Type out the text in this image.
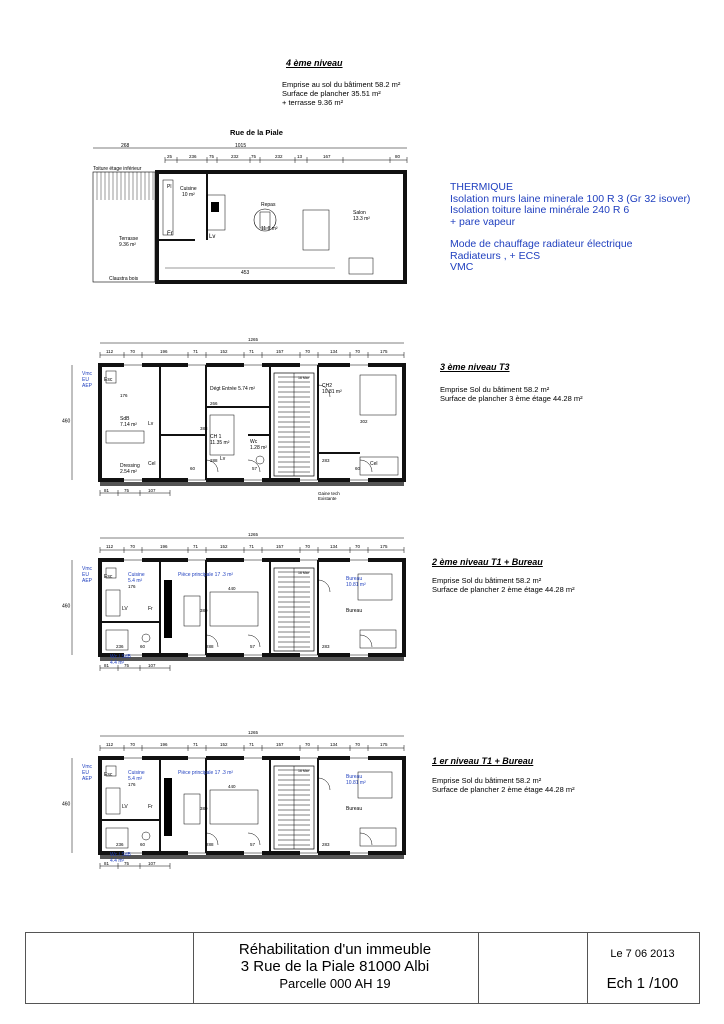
4 ème niveau
Emprise au sol du bâtiment 58.2 m²
Surface de plancher 35.51 m²
+ terrasse 9.36 m²
Rue de la Piale
1015
268
25	236	75	232	75	232	13	167	80
Toiture étage inférieur
Terrasse
9.36 m²
Claustra bois
Cuisine
10 m²
Repas
11.9 m²
Salon
13.3 m²
Pl
Fr	Lv
453
THERMIQUE
Isolation murs laine minerale 100 R 3 (Gr 32 isover)
Isolation toiture laine minérale 240 R 6
+ pare vapeur
Mode de chauffage radiateur électrique
Radiateurs , + ECS
VMC
1265
112	70	196	71	152	71	157	70	134	70	175
460
Vmc
EU
AEP
81	75	107
16 Mar
SdB
7.14 m²
Dressing
2.54 m²
Dégt Entrée 5.74 m²
CH 1
11.35 m²	Wc
1.28 m²
CH2
10.81 m²
Esc
Lv
Cel
Lv
Cel
176
266
383
288
60	57
283
60
302
Gaine tech
Existante
3 ème niveau T3
Emprise Sol du bâtiment 58.2 m²
Surface de plancher 3 ème étage 44.28 m²
1265
112	70	196	71	152	71	157	70	134	70	175
460
Vmc
EU
AEP
81	75	107
16 Mar
Cuisine
5.4 m²
Pièce principale 17 .3 m²
Bureau
10.81 m²
Wc / SdB
4.4 m²
Esc
LV	Fr	Bureau
176
236	60
389
440
288	57	283
2 ème niveau T1 + Bureau
Emprise Sol du bâtiment 58.2 m²
Surface de plancher 2 ème étage 44.28 m²
1265
112	70	196	71	152	71	157	70	134	70	175
460
Vmc
EU
AEP
81	75	107
16 Mar
Cuisine
5.4 m²
Pièce principale 17 .3 m²
Bureau
10.81 m²
Wc / SdB
4.4 m²
Esc
LV	Fr	Bureau
176
236	60
389
440
288	57	283
1 er niveau T1 + Bureau
Emprise Sol du bâtiment 58.2 m²
Surface de plancher 2 ème étage 44.28 m²
Réhabilitation d'un immeuble
3 Rue de la Piale 81000 Albi
Parcelle 000 AH 19
Le 7 06 2013
Ech 1 /100
